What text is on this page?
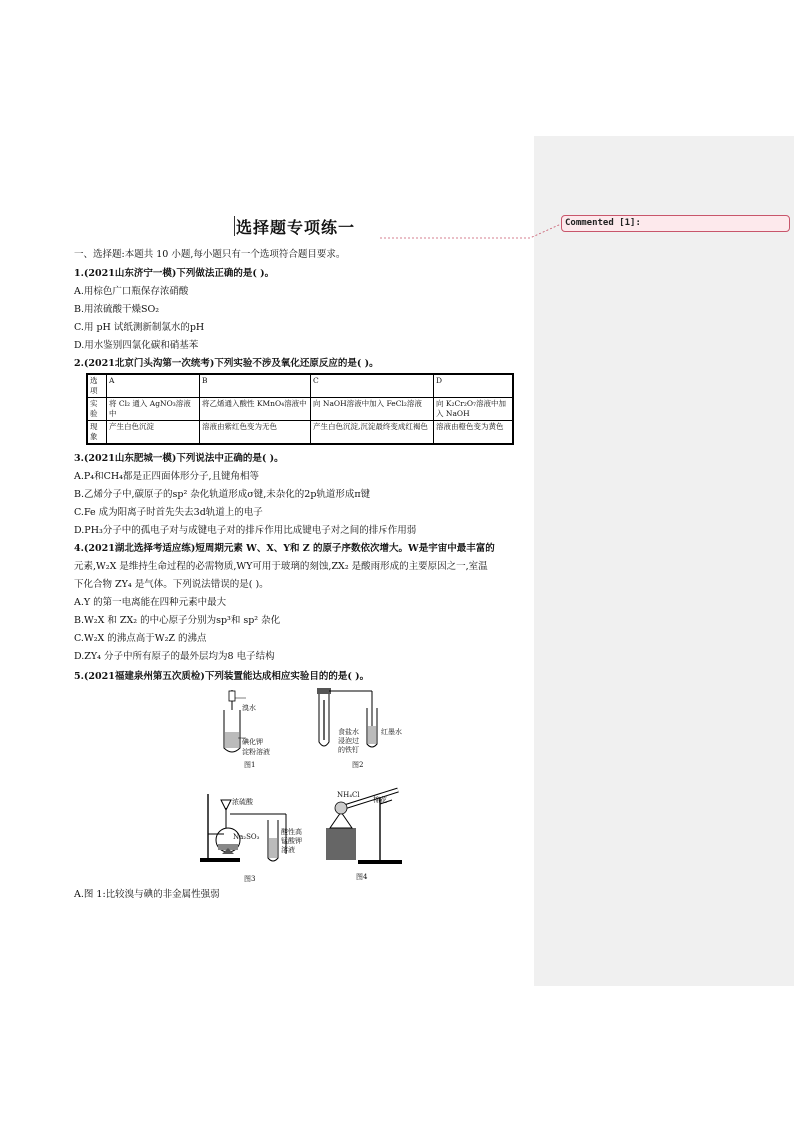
Commented [1]:
选择题专项练一
一、选择题:本题共 10 小题,每小题只有一个选项符合题目要求。
1.(2021山东济宁一模)下列做法正确的是( )。
A.用棕色广口瓶保存浓硝酸
B.用浓硫酸干燥SO₂
C.用 pH 试纸测新制氯水的pH
D.用水鉴别四氯化碳和硝基苯
2.(2021北京门头沟第一次统考)下列实验不涉及氧化还原反应的是( )。
选项	A	B	C	D
实验	将 Cl₂ 通入 AgNO₃溶液中	将乙烯通入酸性 KMnO₄溶液中	向 NaOH溶液中加入 FeCl₂溶液	向 K₂Cr₂O₇溶液中加入 NaOH
现象	产生白色沉淀	溶液由紫红色变为无色	产生白色沉淀,沉淀最终变成红褐色	溶液由橙色变为黄色
3.(2021山东肥城一模)下列说法中正确的是( )。
A.P₄和CH₄都是正四面体形分子,且键角相等
B.乙烯分子中,碳原子的sp² 杂化轨道形成σ键,未杂化的2p轨道形成π键
C.Fe 成为阳离子时首先失去3d轨道上的电子
D.PH₃分子中的孤电子对与成键电子对的排斥作用比成键电子对之间的排斥作用弱
4.(2021湖北选择考适应练)短周期元素 W、X、Y和 Z 的原子序数依次增大。W是宇宙中最丰富的
元素,W₂X 是维持生命过程的必需物质,WY可用于玻璃的刻蚀,ZX₂ 是酸雨形成的主要原因之一,室温
下化合物 ZY₄ 是气体。下列说法错误的是( )。
A.Y 的第一电离能在四种元素中最大
B.W₂X 和 ZX₂ 的中心原子分别为sp³和 sp² 杂化
C.W₂X 的沸点高于W₂Z 的沸点
D.ZY₄ 分子中所有原子的最外层均为8 电子结构
5.(2021福建泉州第五次质检)下列装置能达成相应实验目的的是( )。
溴水
碘化钾
淀粉溶液
图1
食盐水
浸泡过
的铁钉
红墨水
图2
浓硫酸
Na₂SO₃
酸性高
锰酸钾
溶液
图3
NH₄Cl
棉花
图4
A.图 1:比较溴与碘的非金属性强弱
